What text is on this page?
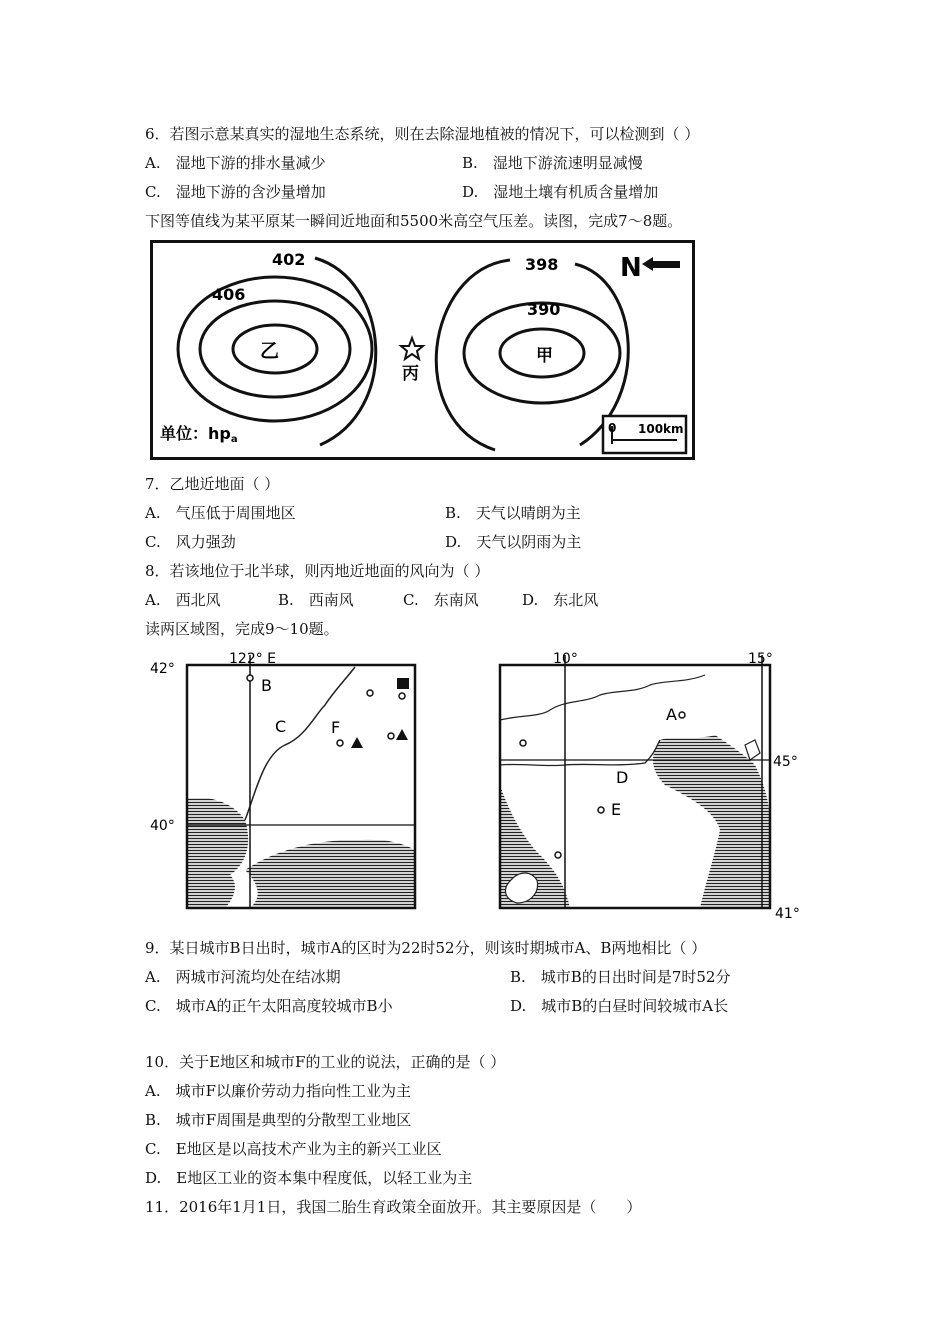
6．若图示意某真实的湿地生态系统，则在去除湿地植被的情况下，可以检测到（ ）
A.　湿地下游的排水量减少	B.　湿地下游流速明显减慢
C.　湿地下游的含沙量增加	D.　湿地土壤有机质含量增加
下图等值线为某平原某一瞬间近地面和5500米高空气压差。读图，完成7～8题。
402
406
398
390
乙	甲
丙
N
单位：hpa
0 100km
7．乙地近地面（ ）
A.　气压低于周围地区	B.　天气以晴朗为主
C.　风力强劲	D.　天气以阴雨为主
8．若该地位于北半球，则丙地近地面的风向为（ ）
A.　西北风	B.　西南风	C.　东南风	D.　东北风
读两区域图，完成9～10题。
42°
40°
122° E
B
C	F
10°	15°
45°
41°
A
D
E
9．某日城市B日出时，城市A的区时为22时52分，则该时期城市A、B两地相比（ ）
A.　两城市河流均处在结冰期	B.　城市B的日出时间是7时52分
C.　城市A的正午太阳高度较城市B小	D.　城市B的白昼时间较城市A长
10．关于E地区和城市F的工业的说法，正确的是（ ）
A.　城市F以廉价劳动力指向性工业为主
B.　城市F周围是典型的分散型工业地区
C.　E地区是以高技术产业为主的新兴工业区
D.　E地区工业的资本集中程度低，以轻工业为主
11．2016年1月1日，我国二胎生育政策全面放开。其主要原因是（　　）
